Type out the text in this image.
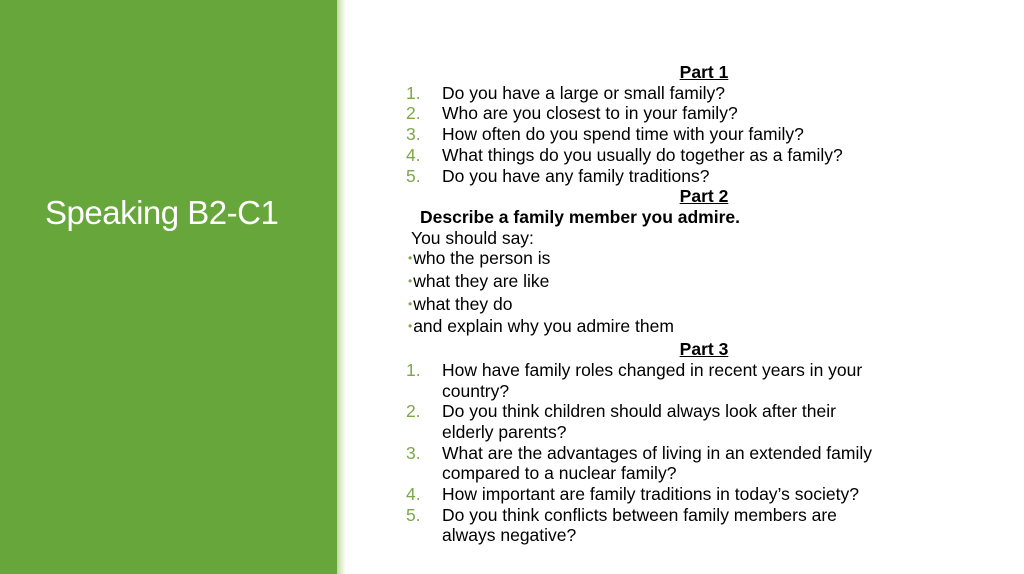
Speaking B2-C1
Part 1
1. Do you have a large or small family?
2. Who are you closest to in your family?
3. How often do you spend time with your family?
4. What things do you usually do together as a family?
5. Do you have any family traditions?
Part 2
Describe a family member you admire.
You should say:
•who the person is
•what they are like
•what they do
•and explain why you admire them
Part 3
1. How have family roles changed in recent years in your
country?
2. Do you think children should always look after their
elderly parents?
3. What are the advantages of living in an extended family
compared to a nuclear family?
4. How important are family traditions in today’s society?
5. Do you think conflicts between family members are
always negative?
